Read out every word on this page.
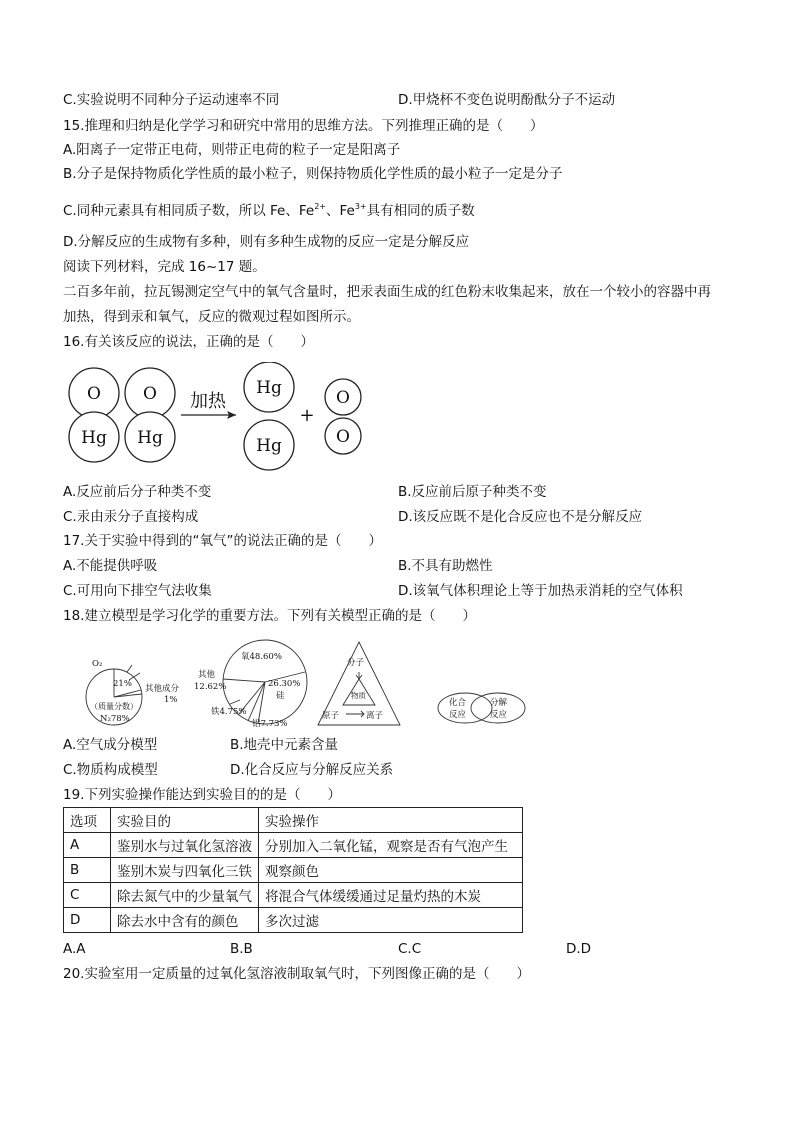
C.实验说明不同种分子运动速率不同	D.甲烧杯不变色说明酚酞分子不运动
15.推理和归纳是化学学习和研究中常用的思维方法。下列推理正确的是（　　）
A.阳离子一定带正电荷，则带正电荷的粒子一定是阳离子
B.分子是保持物质化学性质的最小粒子，则保持物质化学性质的最小粒子一定是分子
C.同种元素具有相同质子数，所以 Fe、$Fe^{2+}$、$Fe^{3+}$具有相同的质子数
D.分解反应的生成物有多种，则有多种生成物的反应一定是分解反应
阅读下列材料，完成 16~17 题。
二百多年前，拉瓦锡测定空气中的氧气含量时，把汞表面生成的红色粉末收集起来，放在一个较小的容器中再
加热，得到汞和氧气，反应的微观过程如图所示。
16.有关该反应的说法，正确的是（　　）
O
Hg
O
Hg
Hg
Hg
O
O
+
加热
A.反应前后分子种类不变	B.反应前后原子种类不变
C.汞由汞分子直接构成	D.该反应既不是化合反应也不是分解反应
17.关于实验中得到的“氧气”的说法正确的是（　　）
A.不能提供呼吸	B.不具有助燃性
C.可用向下排空气法收集	D.该氧气体积理论上等于加热汞消耗的空气体积
18.建立模型是学习化学的重要方法。下列有关模型正确的是（　　）
O₂
21% 其他成分
1%
（质量分数）
N₂78%
氧48.60%
其他
12.62%	26.30%
硅
铁4.75%
铝7.73%
分子
物质
原子	离子
化合
反应
分解
反应
A.空气成分模型	B.地壳中元素含量
C.物质构成模型	D.化合反应与分解反应关系
19.下列实验操作能达到实验目的的是（　　）
选项	实验目的	实验操作
A	鉴别水与过氧化氢溶液	分别加入二氧化锰，观察是否有气泡产生
B	鉴别木炭与四氧化三铁	观察颜色
C	除去氮气中的少量氧气	将混合气体缓缓通过足量灼热的木炭
D	除去水中含有的颜色	多次过滤
A.A	B.B	C.C	D.D
20.实验室用一定质量的过氧化氢溶液制取氧气时，下列图像正确的是（　　）
